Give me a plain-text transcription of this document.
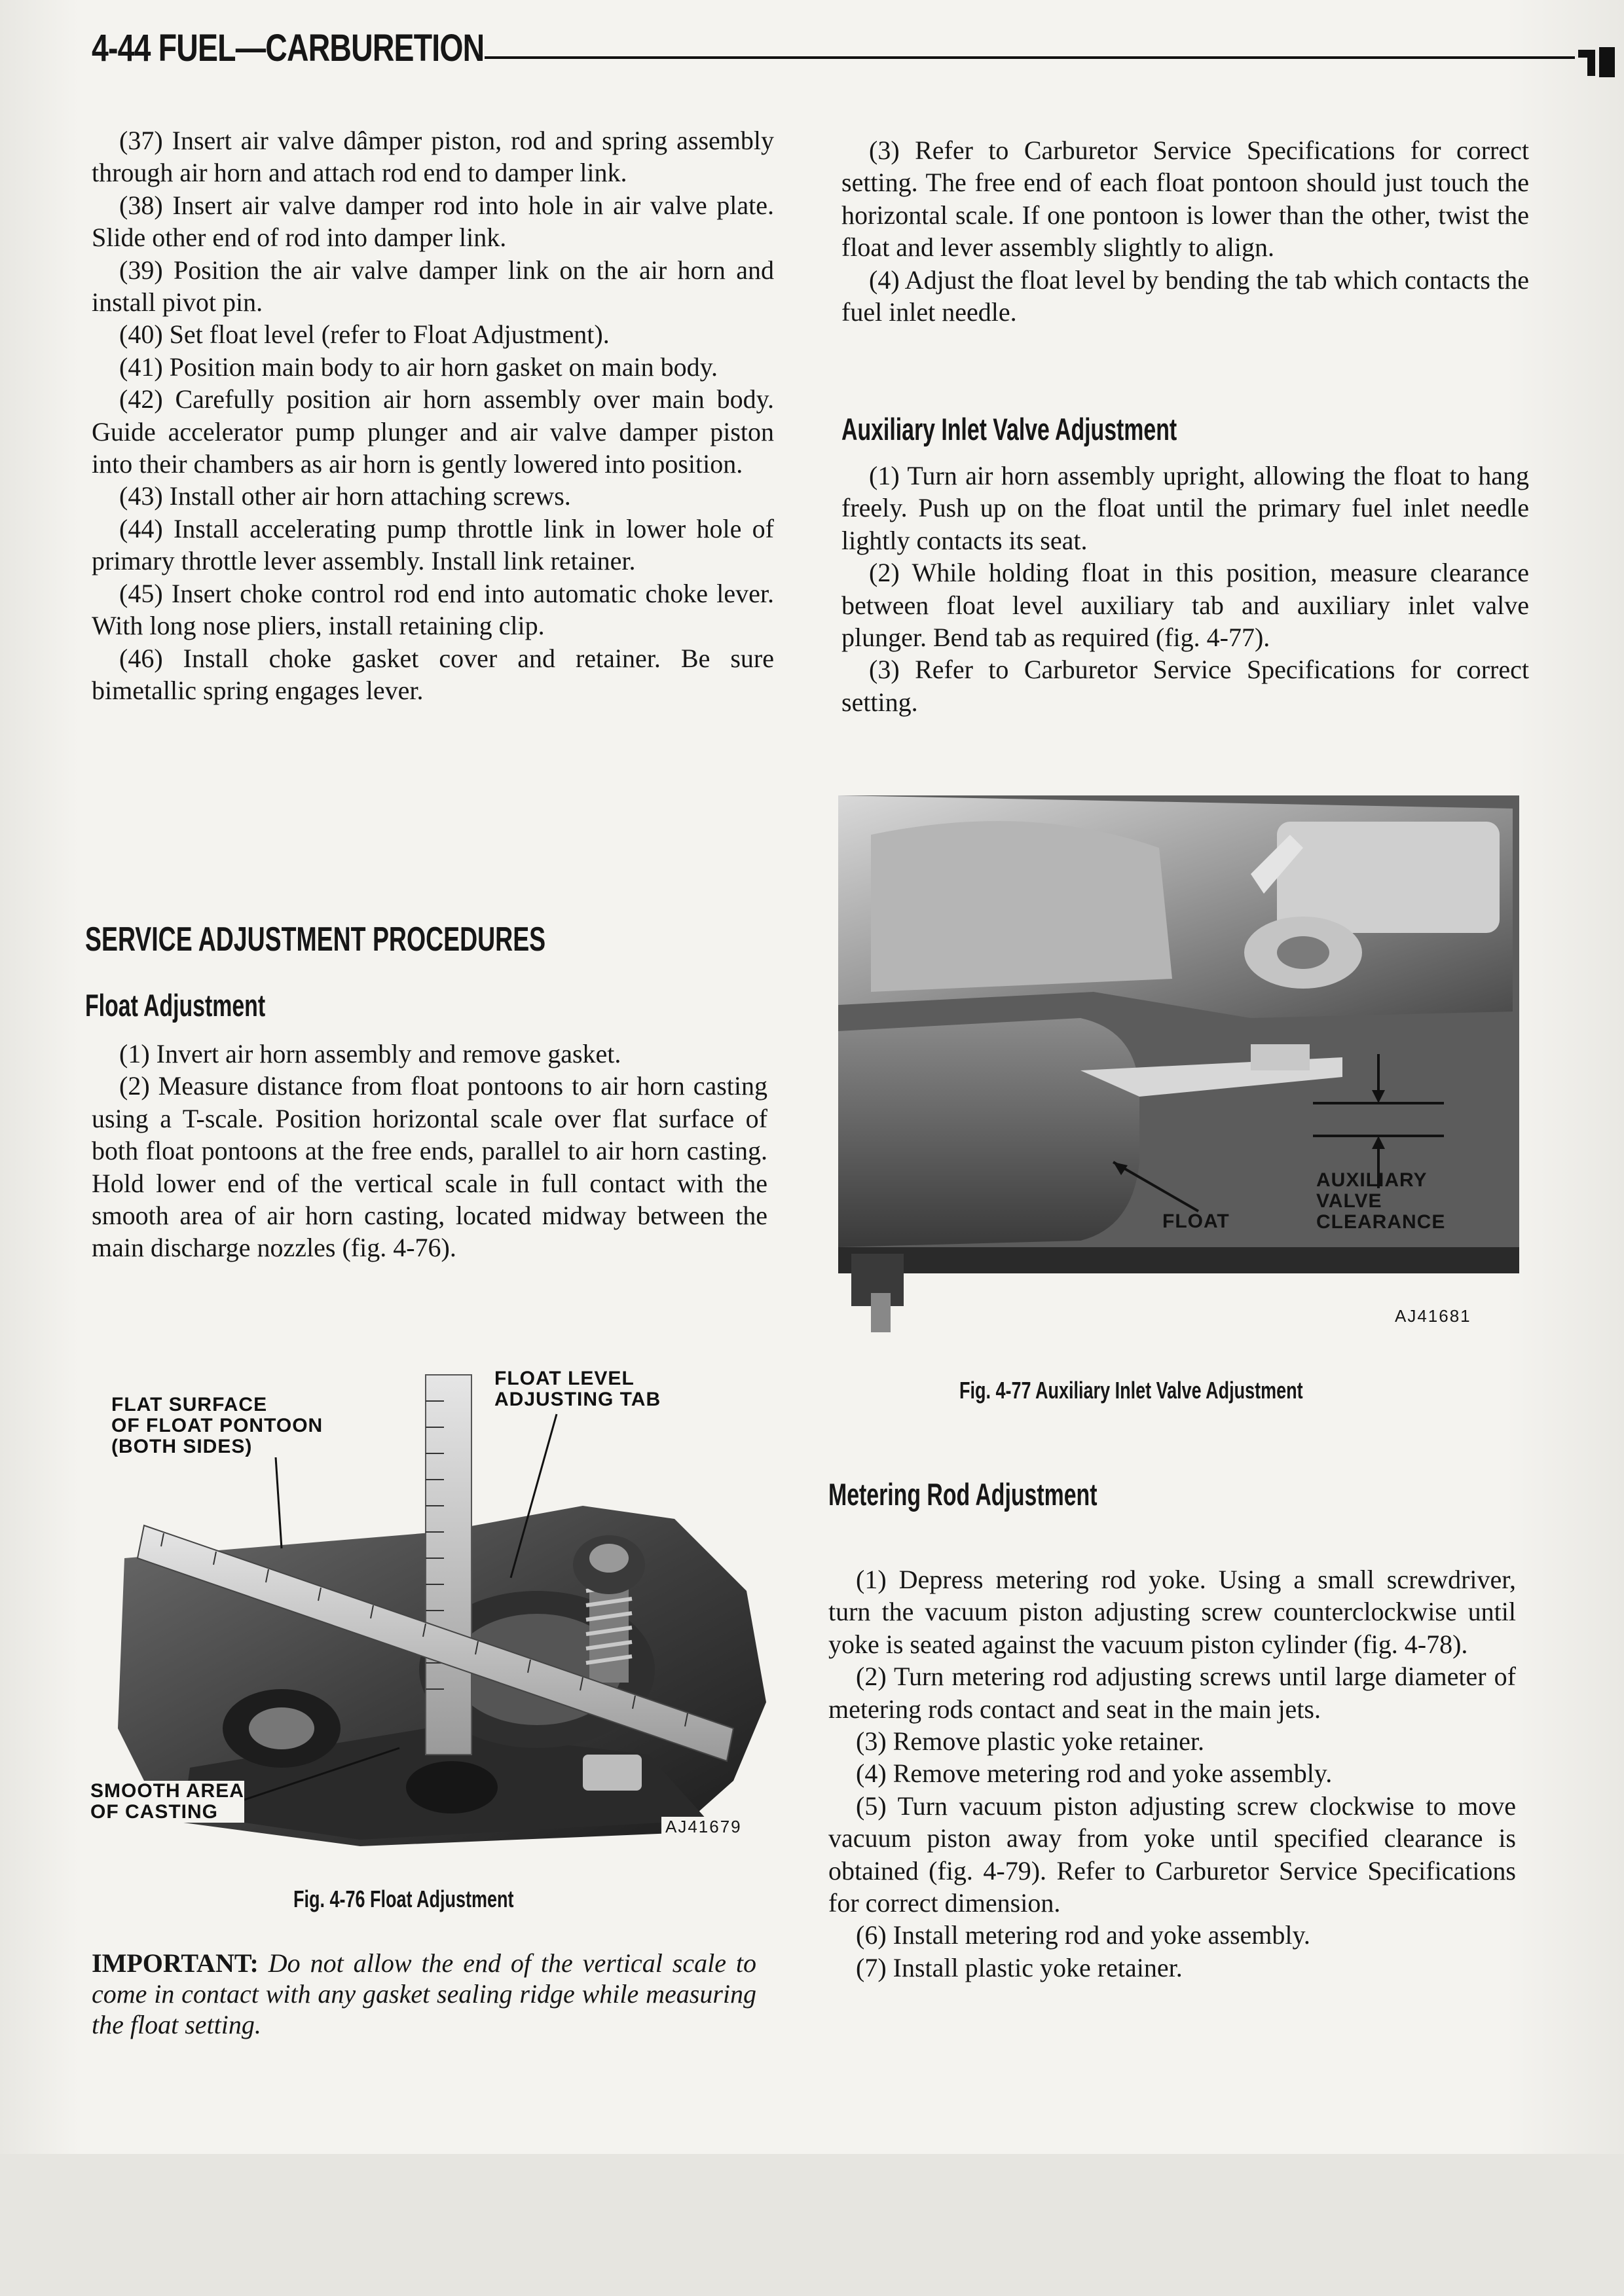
4-44 FUEL—CARBURETION

(37) Insert air valve dâmper piston, rod and spring assembly through air horn and attach rod end to damper link.

(38) Insert air valve damper rod into hole in air valve plate. Slide other end of rod into damper link.

(39) Position the air valve damper link on the air horn and install pivot pin.

(40) Set float level (refer to Float Adjustment).

(41) Position main body to air horn gasket on main body.

(42) Carefully position air horn assembly over main body. Guide accelerator pump plunger and air valve damper piston into their chambers as air horn is gently lowered into position.

(43) Install other air horn attaching screws.

(44) Install accelerating pump throttle link in lower hole of primary throttle lever assembly. Install link retainer.

(45) Insert choke control rod end into automatic choke lever. With long nose pliers, install retaining clip.

(46) Install choke gasket cover and retainer. Be sure bimetallic spring engages lever.

SERVICE ADJUSTMENT PROCEDURES
Float Adjustment

(1) Invert air horn assembly and remove gasket.

(2) Measure distance from float pontoons to air horn casting using a T-scale. Position horizontal scale over flat surface of both float pontoons at the free ends, parallel to air horn casting. Hold lower end of the vertical scale in full contact with the smooth area of air horn casting, located midway between the main discharge nozzles (fig. 4-76).

FLAT SURFACE
OF FLOAT PONTOON
(BOTH SIDES)
FLOAT LEVEL
ADJUSTING TAB
SMOOTH AREA
OF CASTING
AJ41679
Fig. 4-76 Float Adjustment
IMPORTANT: Do not allow the end of the vertical scale to come in contact with any gasket sealing ridge while measuring the float setting.

(3) Refer to Carburetor Service Specifications for correct setting. The free end of each float pontoon should just touch the horizontal scale. If one pontoon is lower than the other, twist the float and lever assembly slightly to align.

(4) Adjust the float level by bending the tab which contacts the fuel inlet needle.

Auxiliary Inlet Valve Adjustment

(1) Turn air horn assembly upright, allowing the float to hang freely. Push up on the float until the primary fuel inlet needle lightly contacts its seat.

(2) While holding float in this position, measure clearance between float level auxiliary tab and auxiliary inlet valve plunger. Bend tab as required (fig. 4-77).

(3) Refer to Carburetor Service Specifications for correct setting.

FLOAT
AUXILIARY
VALVE
CLEARANCE
AJ41681
Fig. 4-77 Auxiliary Inlet Valve Adjustment
Metering Rod Adjustment

(1) Depress metering rod yoke. Using a small screwdriver, turn the vacuum piston adjusting screw counterclockwise until yoke is seated against the vacuum piston cylinder (fig. 4-78).

(2) Turn metering rod adjusting screws until large diameter of metering rods contact and seat in the main jets.

(3) Remove plastic yoke retainer.

(4) Remove metering rod and yoke assembly.

(5) Turn vacuum piston adjusting screw clockwise to move vacuum piston away from yoke until specified clearance is obtained (fig. 4-79). Refer to Carburetor Service Specifications for correct dimension.

(6) Install metering rod and yoke assembly.

(7) Install plastic yoke retainer.
